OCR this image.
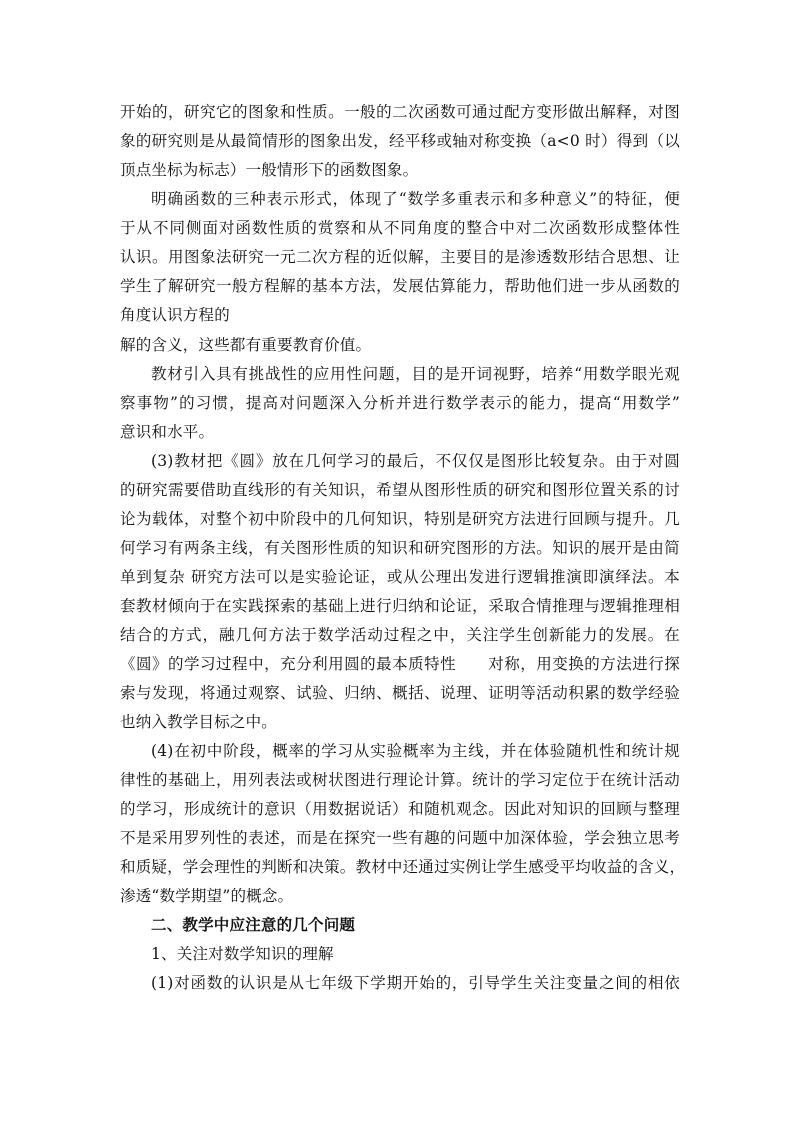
开始的，研究它的图象和性质。一般的二次函数可通过配方变形做出解释，对图
象的研究则是从最简情形的图象出发，经平移或轴对称变换（a<0 时）得到（以
顶点坐标为标志）一般情形下的函数图象。
明确函数的三种表示形式，体现了“数学多重表示和多种意义”的特征，便
于从不同侧面对函数性质的赏察和从不同角度的整合中对二次函数形成整体性
认识。用图象法研究一元二次方程的近似解，主要目的是渗透数形结合思想、让
学生了解研究一般方程解的基本方法，发展估算能力，帮助他们进一步从函数的
角度认识方程的
解的含义，这些都有重要教育价值。
教材引入具有挑战性的应用性问题，目的是开词视野，培养“用数学眼光观
察事物”的习惯，提高对问题深入分析并进行数学表示的能力，提高“用数学”
意识和水平。
(3)教材把《圆》放在几何学习的最后，不仅仅是图形比较复杂。由于对圆
的研究需要借助直线形的有关知识，希望从图形性质的研究和图形位置关系的讨
论为载体，对整个初中阶段中的几何知识，特别是研究方法进行回顾与提升。几
何学习有两条主线，有关图形性质的知识和研究图形的方法。知识的展开是由简
单到复杂 研究方法可以是实验论证，或从公理出发进行逻辑推演即演绎法。本
套教材倾向于在实践探索的基础上进行归纳和论证，采取合情推理与逻辑推理相
结合的方式，融几何方法于数学活动过程之中，关注学生创新能力的发展。在
《圆》的学习过程中，充分利用圆的最本质特性　　对称，用变换的方法进行探
索与发现，将通过观察、试验、归纳、概括、说理、证明等活动积累的数学经验
也纳入教学目标之中。
(4)在初中阶段，概率的学习从实验概率为主线，并在体验随机性和统计规
律性的基础上，用列表法或树状图进行理论计算。统计的学习定位于在统计活动
的学习，形成统计的意识（用数据说话）和随机观念。因此对知识的回顾与整理
不是采用罗列性的表述，而是在探究一些有趣的问题中加深体验，学会独立思考
和质疑，学会理性的判断和决策。教材中还通过实例让学生感受平均收益的含义，
渗透“数学期望”的概念。
二、教学中应注意的几个问题
1、关注对数学知识的理解
(1)对函数的认识是从七年级下学期开始的，引导学生关注变量之间的相依
